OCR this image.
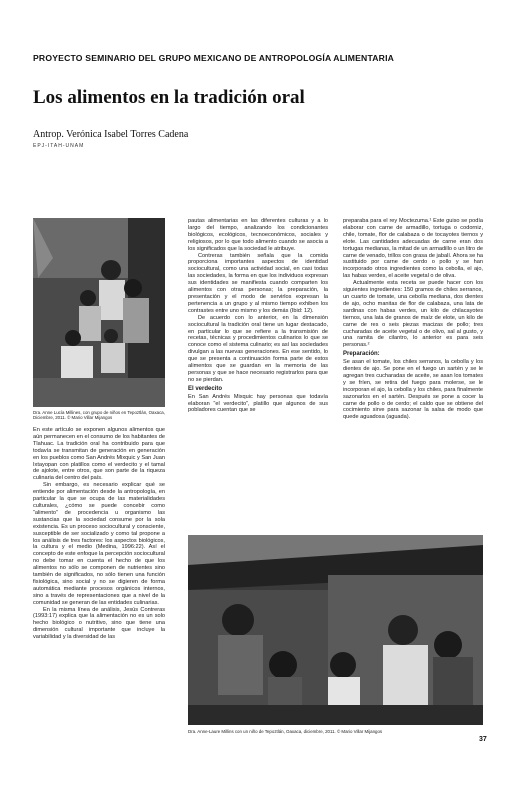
PROYECTO SEMINARIO DEL GRUPO MEXICANO DE ANTROPOLOGÍA ALIMENTARIA
Los alimentos en la tradición oral
Antrop. Verónica Isabel Torres Cadena
EPJ-ITAH-UNAM
Dra. Anne Lucía Millines, con grupo de niños en Tepoztlán, Oaxaca, Diciembre, 2011. © Mario Villar Mijangos

En este artículo se exponen algunos alimentos que aún permanecen en el consumo de los habitantes de Tlahuac. La tradición oral ha contribuido para que todavía se transmitan de generación en generación en los pueblos como San Andrés Mixquic y San Juan Ixtayopan con platillos como el verdecito y el tamal de ajolote, entre otros, que son parte de la riqueza culinaria del centro del país.

Sin embargo, es necesario explicar qué se entiende por alimentación desde la antropología, en particular la que se ocupa de las materialidades culturales, ¿cómo se puede concebir como “alimento” de procedencia u organismo las sustancias que la sociedad consume por la sola existencia. Es un proceso sociocultural y consciente, susceptible de ser socializado y como tal propone a los análisis de tres factores: los aspectos biológicos, la cultura y el medio (Medina, 1996:22). Así el concepto de este enfoque la percepción sociocultural no debe tomar en cuenta el hecho de que los alimentos no sólo se componen de nutrientes sino también de significados, no sólo tienen una función fisiológica, sino social y no se digieren de forma automática mediante procesos orgánicos internos, sino a través de representaciones que a nivel de la comunidad se generan de las entidades culinarias.

En la misma línea de análisis, Jesús Contreras (1993:17) explica que la alimentación no es un solo hecho biológico o nutritivo, sino que tiene una dimensión cultural importante que incluye la variabilidad y la diversidad de las

pautas alimentarias en las diferentes culturas y a lo largo del tiempo, analizando los condicionantes biológicos, ecológicos, tecnoeconómicos, sociales y religiosos, por lo que todo alimento cuando se asocia a los significados que la sociedad le atribuye.

Contreras también señala que la comida proporciona importantes aspectos de identidad sociocultural, como una actividad social, en casi todas las sociedades, la forma en que los individuos expresan sus identidades se manifiesta cuando comparten los alimentos con otras personas; la preparación, la presentación y el modo de servirlos expresan la pertenencia a un grupo y al mismo tiempo exhiben los contrastes entre uno mismo y los demás (Ibid: 12).

De acuerdo con lo anterior, en la dimensión sociocultural la tradición oral tiene un lugar destacado, en particular lo que se refiere a la transmisión de recetas, técnicas y procedimientos culinarios lo que se conoce como el sistema culinario; es así las sociedades divulgan a las nuevas generaciones. En ese sentido, lo que se presenta a continuación forma parte de estos alimentos que se guardan en la memoria de las personas y que se hace necesario registrarlos para que no se pierdan.

El verdecito

En San Andrés Mixquic hay personas que todavía elaboran “el verdecito”, platillo que algunos de sus pobladores cuentan que se

preparaba para el rey Moctezuma.¹ Este guiso se podía elaborar con carne de armadillo, tortuga o codorniz, chile, tomate, flor de calabaza o de tocayotes tiernos y elote. Las cantidades adecuadas de carne eran dos tortugas medianas, la mitad de un armadillo o un litro de carne de venado, trillos con grasa de jabalí. Ahora se ha sustituido por carne de cerdo o pollo y se han incorporado otros ingredientes como la cebolla, el ajo, las habas verdes, el aceite vegetal o de oliva.

Actualmente esta receta se puede hacer con los siguientes ingredientes: 150 gramos de chiles serranos, un cuarto de tomate, una cebolla mediana, dos dientes de ajo, ocho manitas de flor de calabaza, una lata de sardinas con habas verdes, un kilo de chilacayotes tiernos, una lata de granos de maíz de elote, un kilo de carne de res o seis piezas macizas de pollo; tres cucharadas de aceite vegetal o de olivo, sal al gusto, y una ramita de cilantro, lo anterior es para seis personas.²

Preparación:

Se asan el tomate, los chiles serranos, la cebolla y los dientes de ajo. Se pone en el fuego un sartén y se le agregan tres cucharadas de aceite, se asan los tomates y se fríen, se retira del fuego para molerse, se le incorporan el ajo, la cebolla y los chiles, para finalmente sazonarlos en el sartén. Después se pone a cocer la carne de pollo o de cerdo; el caldo que se obtiene del cocimiento sirve para sazonar la salsa de modo que quede aguadosa (aguada).

Dra. Anne-Laure Millins con un niño de Tepoztlán, Oaxaca, diciembre, 2011. © Mario Villar Mijangos
37
